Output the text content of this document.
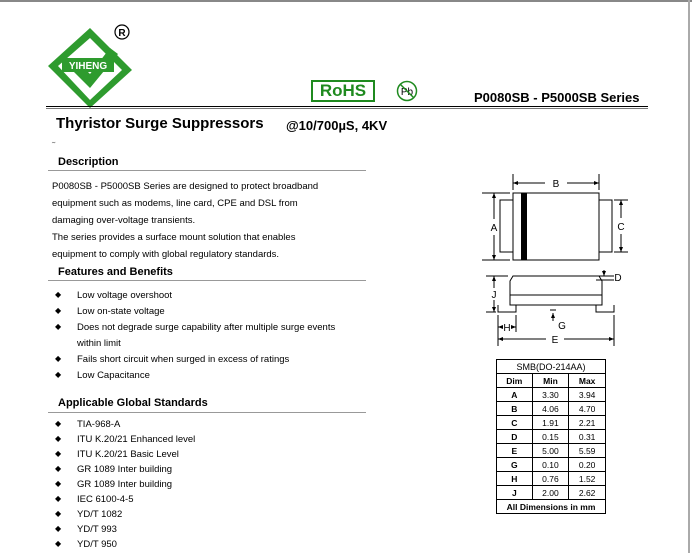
YIHENG
R
RoHS	Pb	P0080SB - P5000SB Series
Thyristor Surge Suppressors @10/700µS, 4KV
˜
Description
P0080SB - P5000SB Series are designed to protect broadband
equipment such as modems, line card, CPE and DSL from
damaging over-voltage transients.
The series provides a surface mount solution that enables
equipment to comply with global regulatory standards.
Features and Benefits
◆ Low voltage overshoot
◆ Low on-state voltage
◆ Does not degrade surge capability after multiple surge events
within limit
◆ Fails short circuit when surged in excess of ratings
◆ Low Capacitance
Applicable Global Standards
◆ TIA-968-A
◆ ITU K.20/21 Enhanced level
◆ ITU K.20/21 Basic Level
◆ GR 1089 Inter building
◆ GR 1089 Inter building
◆ IEC 6100-4-5
◆ YD/T 1082
◆ YD/T 993
◆ YD/T 950
B
A	C
D
J
H	G
E
SMB(DO-214AA)		
Dim	Min	Max
A	3.30	3.94
B	4.06	4.70
C	1.91	2.21
D	0.15	0.31
E	5.00	5.59
G	0.10	0.20
H	0.76	1.52
J	2.00	2.62
All Dimensions in mm		
